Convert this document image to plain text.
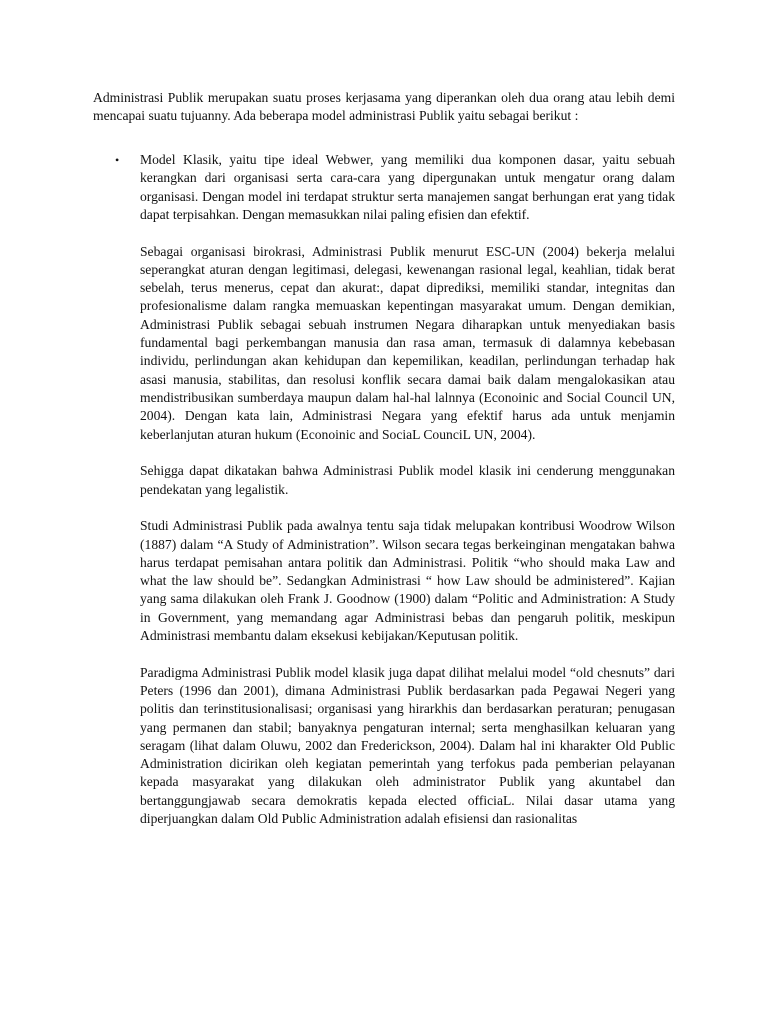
Administrasi Publik merupakan suatu proses kerjasama yang diperankan oleh dua orang atau lebih demi mencapai suatu tujuanny. Ada beberapa model administrasi Publik yaitu sebagai berikut :

• Model Klasik, yaitu tipe ideal Webwer, yang memiliki dua komponen dasar, yaitu sebuah kerangkan dari organisasi serta cara-cara yang dipergunakan untuk mengatur orang dalam organisasi. Dengan model ini terdapat struktur serta manajemen sangat berhungan erat yang tidak dapat terpisahkan. Dengan memasukkan nilai paling efisien dan efektif.

Sebagai organisasi birokrasi, Administrasi Publik menurut ESC-UN (2004) bekerja melalui seperangkat aturan dengan legitimasi, delegasi, kewenangan rasional legal, keahlian, tidak berat sebelah, terus menerus, cepat dan akurat:, dapat diprediksi, memiliki standar, integnitas dan profesionalisme dalam rangka memuaskan kepentingan masyarakat umum. Dengan demikian, Administrasi Publik sebagai sebuah instrumen Negara diharapkan untuk menyediakan basis fundamental bagi perkembangan manusia dan rasa aman, termasuk di dalamnya kebebasan individu, perlindungan akan kehidupan dan kepemilikan, keadilan, perlindungan terhadap hak asasi manusia, stabilitas, dan resolusi konflik secara damai baik dalam mengalokasikan atau mendistribusikan sumberdaya maupun dalam hal-hal lalnnya (Econoinic and Social Council UN, 2004). Dengan kata lain, Administrasi Negara yang efektif harus ada untuk menjamin keberlanjutan aturan hukum (Econoinic and SociaL CounciL UN, 2004).

Sehigga dapat dikatakan bahwa Administrasi Publik model klasik ini cenderung menggunakan pendekatan yang legalistik.

Studi Administrasi Publik pada awalnya tentu saja tidak melupakan kontribusi Woodrow Wilson (1887) dalam “A Study of Administration”. Wilson secara tegas berkeinginan mengatakan bahwa harus terdapat pemisahan antara politik dan Administrasi. Politik “who should maka Law and what the law should be”. Sedangkan Administrasi “ how Law should be administered”. Kajian yang sama dilakukan oleh Frank J. Goodnow (1900) dalam “Politic and Administration: A Study in Government, yang memandang agar Administrasi bebas dan pengaruh politik, meskipun Administrasi membantu dalam eksekusi kebijakan/Keputusan politik.

Paradigma Administrasi Publik model klasik juga dapat dilihat melalui model “old chesnuts” dari Peters (1996 dan 2001), dimana Administrasi Publik berdasarkan pada Pegawai Negeri yang politis dan terinstitusionalisasi; organisasi yang hirarkhis dan berdasarkan peraturan; penugasan yang permanen dan stabil; banyaknya pengaturan internal; serta menghasilkan keluaran yang seragam (lihat dalam Oluwu, 2002 dan Frederickson, 2004). Dalam hal ini kharakter Old Public Administration dicirikan oleh kegiatan pemerintah yang terfokus pada pemberian pelayanan kepada masyarakat yang dilakukan oleh administrator Publik yang akuntabel dan bertanggungjawab secara demokratis kepada elected officiaL. Nilai dasar utama yang diperjuangkan dalam Old Public Administration adalah efisiensi dan rasionalitas
